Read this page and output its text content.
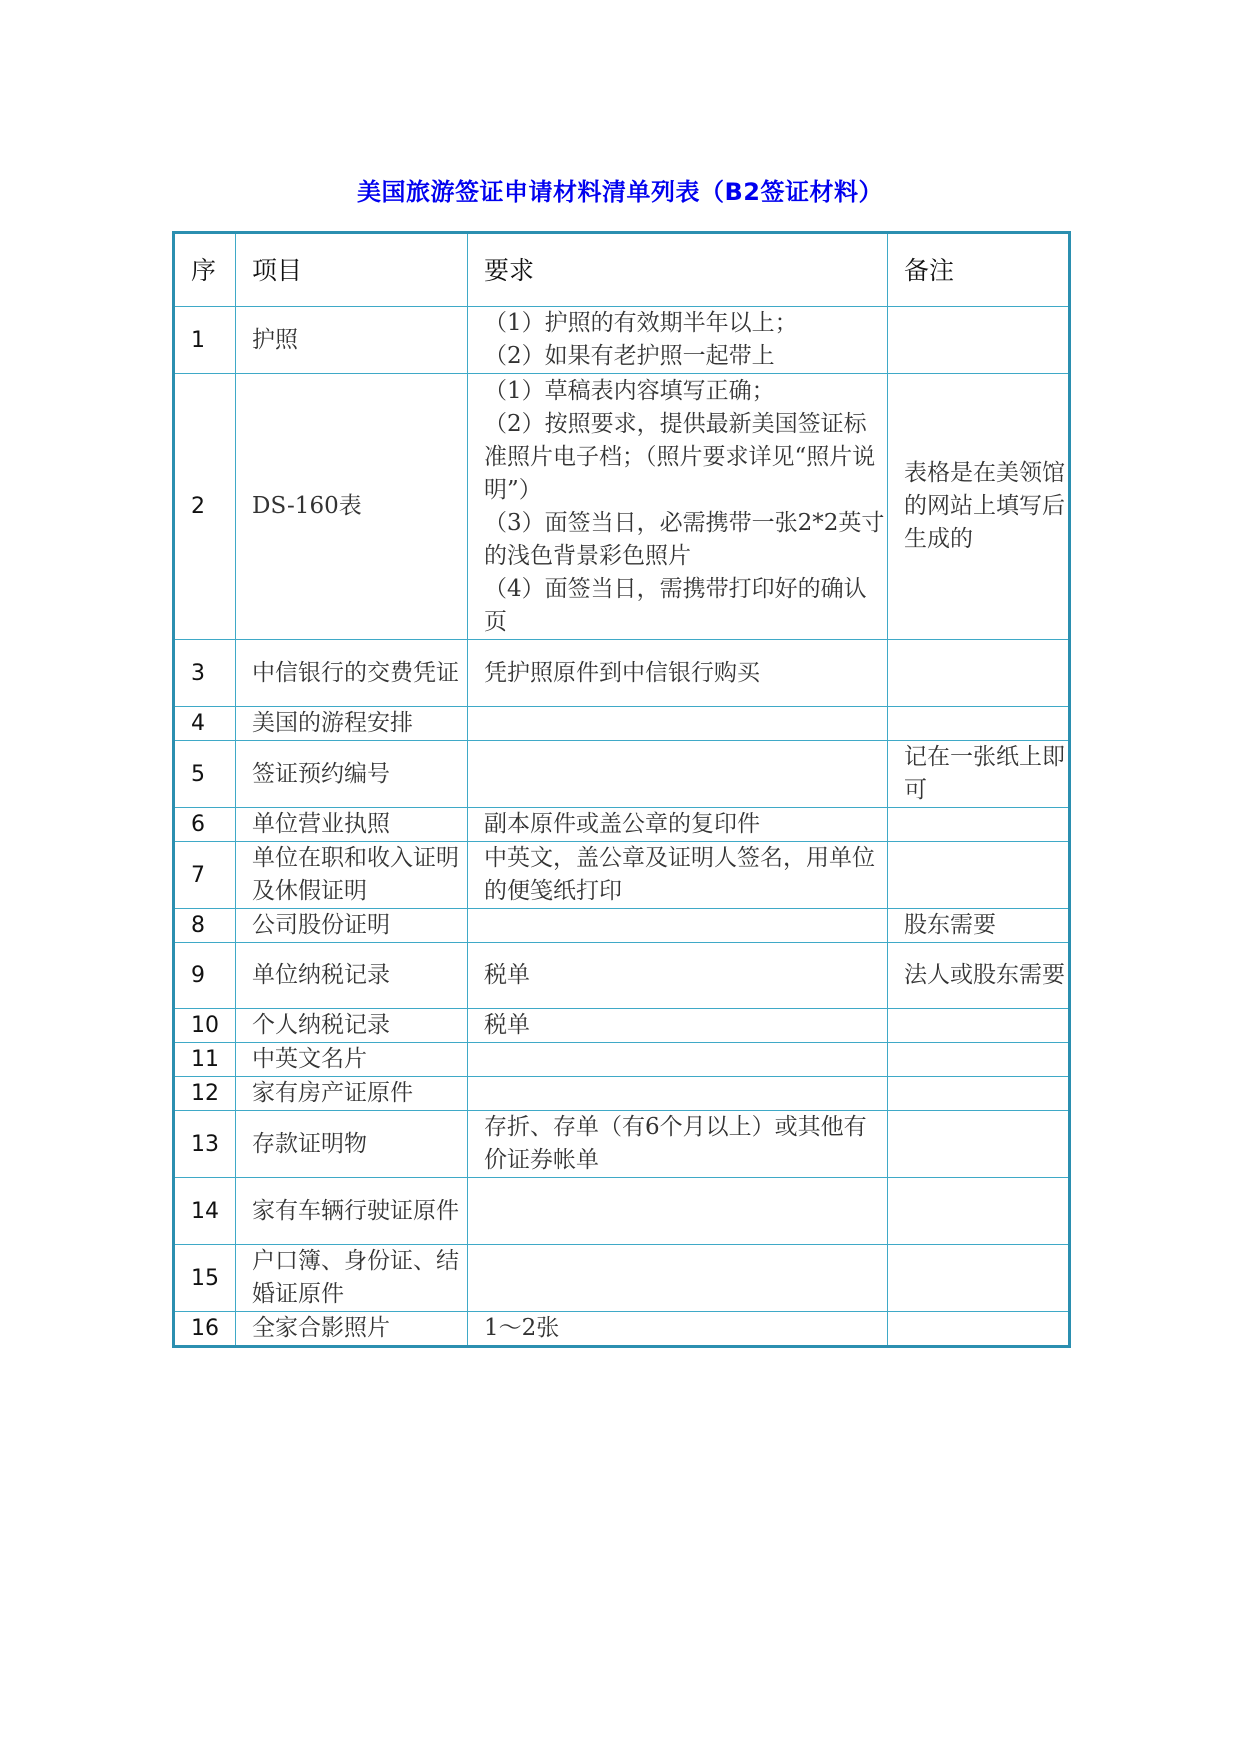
美国旅游签证申请材料清单列表（B2签证材料）
序	项目	要求	备注
1	护照	（1）护照的有效期半年以上；
（2）如果有老护照一起带上	
2	DS-160表	（1）草稿表内容填写正确；
（2）按照要求，提供最新美国签证标准照片电子档；（照片要求详见“照片说明”）
（3）面签当日，必需携带一张2*2英寸的浅色背景彩色照片
（4）面签当日，需携带打印好的确认页	表格是在美领馆的网站上填写后生成的
3	中信银行的交费凭证	凭护照原件到中信银行购买	
4	美国的游程安排		
5	签证预约编号		记在一张纸上即可
6	单位营业执照	副本原件或盖公章的复印件	
7	单位在职和收入证明及休假证明	中英文，盖公章及证明人签名，用单位的便笺纸打印	
8	公司股份证明		股东需要
9	单位纳税记录	税单	法人或股东需要
10	个人纳税记录	税单	
11	中英文名片		
12	家有房产证原件		
13	存款证明物	存折、存单（有6个月以上）或其他有价证券帐单	
14	家有车辆行驶证原件		
15	户口簿、身份证、结婚证原件		
16	全家合影照片	1～2张	
